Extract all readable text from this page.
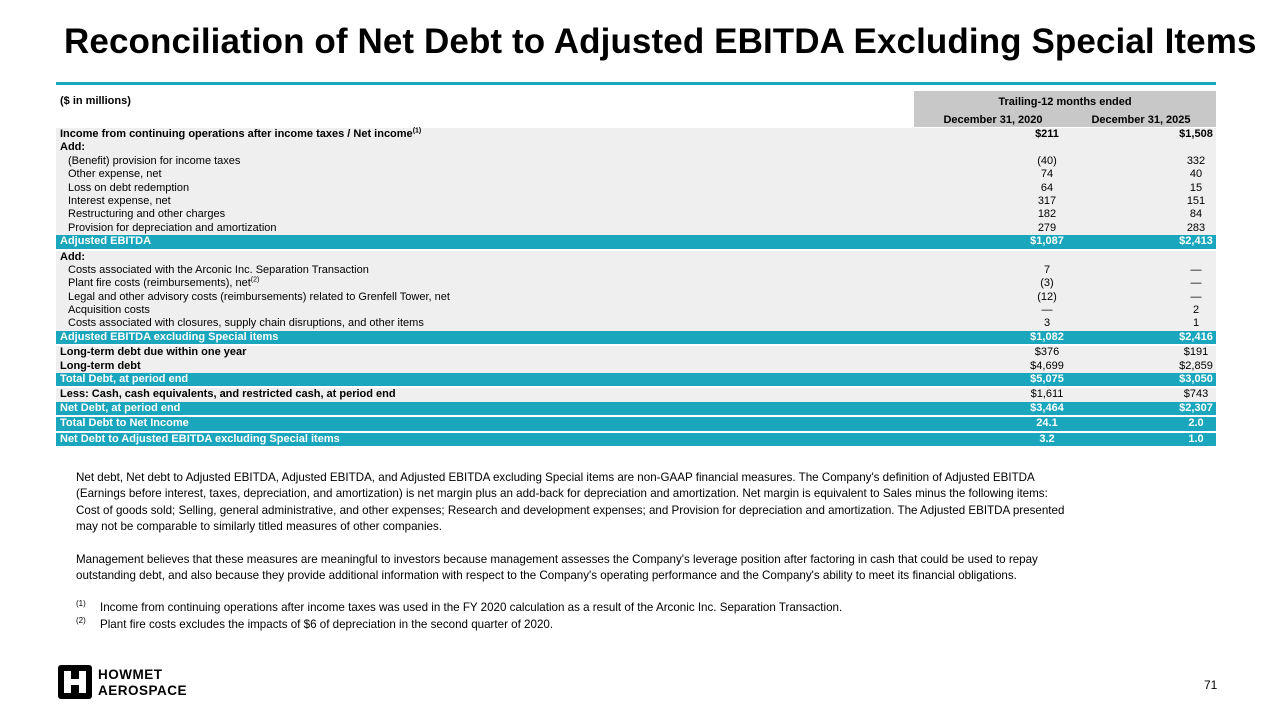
Reconciliation of Net Debt to Adjusted EBITDA Excluding Special Items
($ in millions)	Trailing-12 months ended
December 31, 2020	December 31, 2025
Income from continuing operations after income taxes / Net income$^{(1)}$	$211	$1,508
Add:
(Benefit) provision for income taxes	(40)	332
Other expense, net	74	40
Loss on debt redemption	64	15
Interest expense, net	317	151
Restructuring and other charges	182	84
Provision for depreciation and amortization	279	283
Adjusted EBITDA	$1,087	$2,413
Add:
Costs associated with the Arconic Inc. Separation Transaction	7	—
Plant fire costs (reimbursements), net$^{(2)}$	(3)	—
Legal and other advisory costs (reimbursements) related to Grenfell Tower, net	(12)	—
Acquisition costs	—	2
Costs associated with closures, supply chain disruptions, and other items	3	1
Adjusted EBITDA excluding Special items	$1,082	$2,416
Long-term debt due within one year	$376	$191
Long-term debt	$4,699	$2,859
Total Debt, at period end	$5,075	$3,050
Less: Cash, cash equivalents, and restricted cash, at period end	$1,611	$743
Net Debt, at period end	$3,464	$2,307
Total Debt to Net Income	24.1	2.0
Net Debt to Adjusted EBITDA excluding Special items	3.2	1.0

Net debt, Net debt to Adjusted EBITDA, Adjusted EBITDA, and Adjusted EBITDA excluding Special items are non-GAAP financial measures. The Company's definition of Adjusted EBITDA (Earnings before interest, taxes, depreciation, and amortization) is net margin plus an add-back for depreciation and amortization. Net margin is equivalent to Sales minus the following items: Cost of goods sold; Selling, general administrative, and other expenses; Research and development expenses; and Provision for depreciation and amortization. The Adjusted EBITDA presented may not be comparable to similarly titled measures of other companies.

Management believes that these measures are meaningful to investors because management assesses the Company's leverage position after factoring in cash that could be used to repay outstanding debt, and also because they provide additional information with respect to the Company's operating performance and the Company's ability to meet its financial obligations.

(1) Income from continuing operations after income taxes was used in the FY 2020 calculation as a result of the Arconic Inc. Separation Transaction.
(2) Plant fire costs excludes the impacts of $6 of depreciation in the second quarter of 2020.
HOWMET
AEROSPACE	71
